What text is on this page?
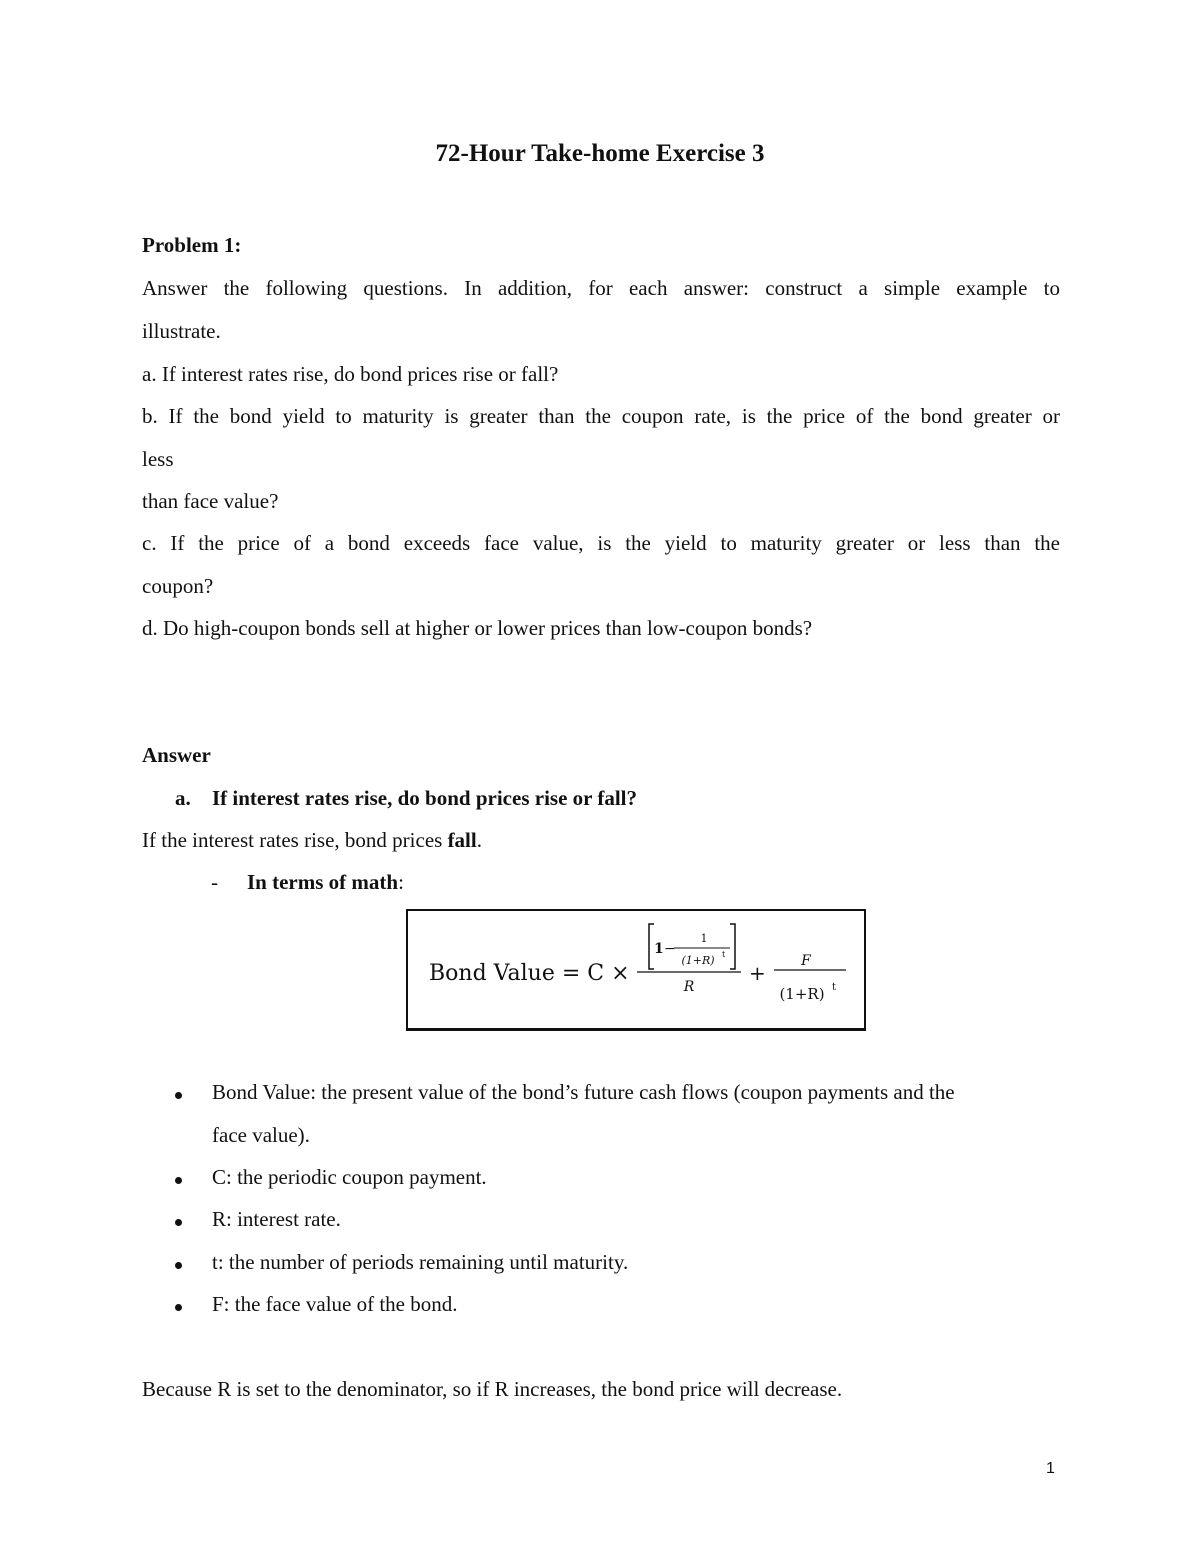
72-Hour Take-home Exercise 3
Problem 1:
Answer the following questions. In addition, for each answer: construct a simple example to
illustrate.
a. If interest rates rise, do bond prices rise or fall?
b. If the bond yield to maturity is greater than the coupon rate, is the price of the bond greater or
less
than face value?
c. If the price of a bond exceeds face value, is the yield to maturity greater or less than the
coupon?
d. Do high-coupon bonds sell at higher or lower prices than low-coupon bonds?
Answer
a. If interest rates rise, do bond prices rise or fall?
If the interest rates rise, bond prices fall.
- In terms of math:
Bond Value = C ×
1 −
1
(1+R) t
R
+	F
(1+R) t
Bond Value: the present value of the bond’s future cash flows (coupon payments and the
face value).
C: the periodic coupon payment.
R: interest rate.
t: the number of periods remaining until maturity.
F: the face value of the bond.
Because R is set to the denominator, so if R increases, the bond price will decrease.
1
